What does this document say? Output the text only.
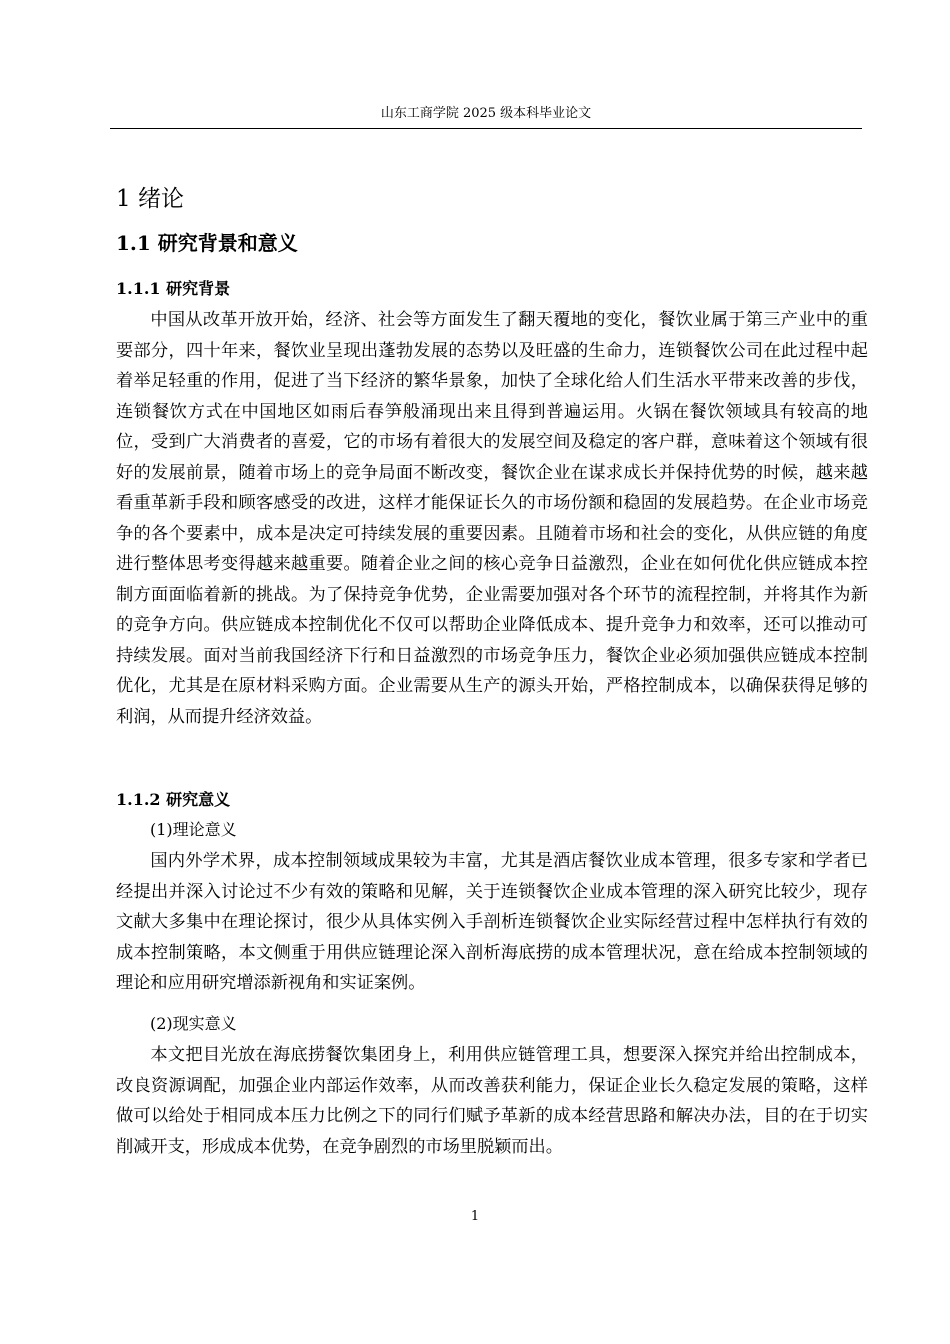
山东工商学院 2025 级本科毕业论文
1 绪论
1.1 研究背景和意义
1.1.1 研究背景

中国从改革开放开始，经济、社会等方面发生了翻天覆地的变化，餐饮业属于第三产业中的重要部分，四十年来，餐饮业呈现出蓬勃发展的态势以及旺盛的生命力，连锁餐饮公司在此过程中起着举足轻重的作用，促进了当下经济的繁华景象，加快了全球化给人们生活水平带来改善的步伐，连锁餐饮方式在中国地区如雨后春笋般涌现出来且得到普遍运用。火锅在餐饮领域具有较高的地位，受到广大消费者的喜爱，它的市场有着很大的发展空间及稳定的客户群，意味着这个领域有很好的发展前景，随着市场上的竞争局面不断改变，餐饮企业在谋求成长并保持优势的时候，越来越看重革新手段和顾客感受的改进，这样才能保证长久的市场份额和稳固的发展趋势。在企业市场竞争的各个要素中，成本是决定可持续发展的重要因素。且随着市场和社会的变化，从供应链的角度进行整体思考变得越来越重要。随着企业之间的核心竞争日益激烈，企业在如何优化供应链成本控制方面面临着新的挑战。为了保持竞争优势，企业需要加强对各个环节的流程控制，并将其作为新的竞争方向。供应链成本控制优化不仅可以帮助企业降低成本、提升竞争力和效率，还可以推动可持续发展。面对当前我国经济下行和日益激烈的市场竞争压力，餐饮企业必须加强供应链成本控制优化，尤其是在原材料采购方面。企业需要从生产的源头开始，严格控制成本，以确保获得足够的利润，从而提升经济效益。

1.1.2 研究意义
(1)理论意义

国内外学术界，成本控制领域成果较为丰富，尤其是酒店餐饮业成本管理，很多专家和学者已经提出并深入讨论过不少有效的策略和见解，关于连锁餐饮企业成本管理的深入研究比较少，现存文献大多集中在理论探讨，很少从具体实例入手剖析连锁餐饮企业实际经营过程中怎样执行有效的成本控制策略，本文侧重于用供应链理论深入剖析海底捞的成本管理状况，意在给成本控制领域的理论和应用研究增添新视角和实证案例。

(2)现实意义

本文把目光放在海底捞餐饮集团身上，利用供应链管理工具，想要深入探究并给出控制成本，改良资源调配，加强企业内部运作效率，从而改善获利能力，保证企业长久稳定发展的策略，这样做可以给处于相同成本压力比例之下的同行们赋予革新的成本经营思路和解决办法，目的在于切实削减开支，形成成本优势，在竞争剧烈的市场里脱颖而出。

1
